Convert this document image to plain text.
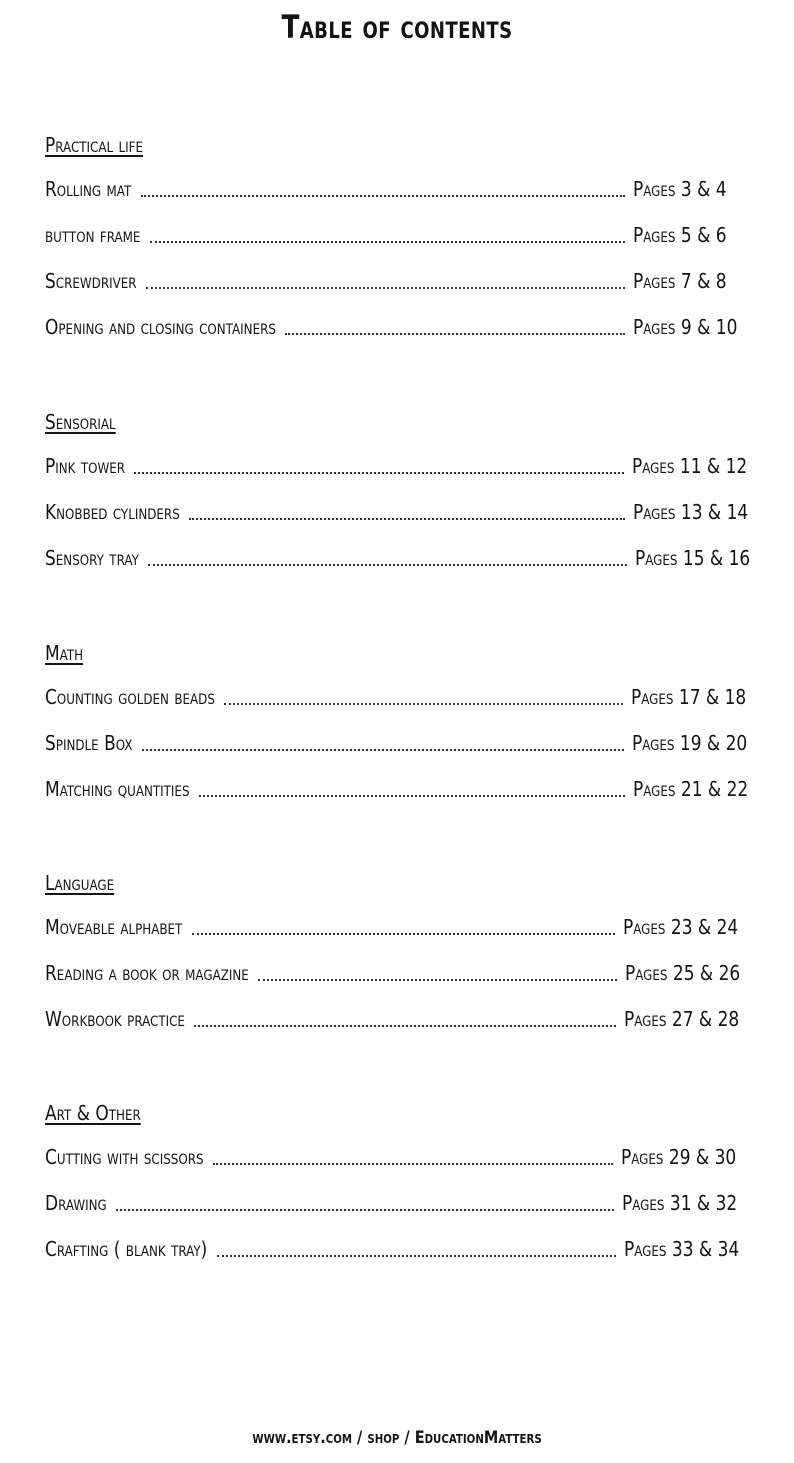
Table of contents
Practical life
Rolling mat	Pages 3 & 4
button frame	Pages 5 & 6
Screwdriver	Pages 7 & 8
Opening and closing containers	Pages 9 & 10
Sensorial
Pink tower	Pages 11 & 12
Knobbed cylinders	Pages 13 & 14
Sensory tray	Pages 15 & 16
Math
Counting golden beads	Pages 17 & 18
Spindle Box	Pages 19 & 20
Matching quantities	Pages 21 & 22
Language
Moveable alphabet	Pages 23 & 24
Reading a book or magazine	Pages 25 & 26
Workbook practice	Pages 27 & 28
Art & Other
Cutting with scissors	Pages 29 & 30
Drawing	Pages 31 & 32
Crafting ( blank tray)	Pages 33 & 34
www.etsy.com / shop / EducationMatters
